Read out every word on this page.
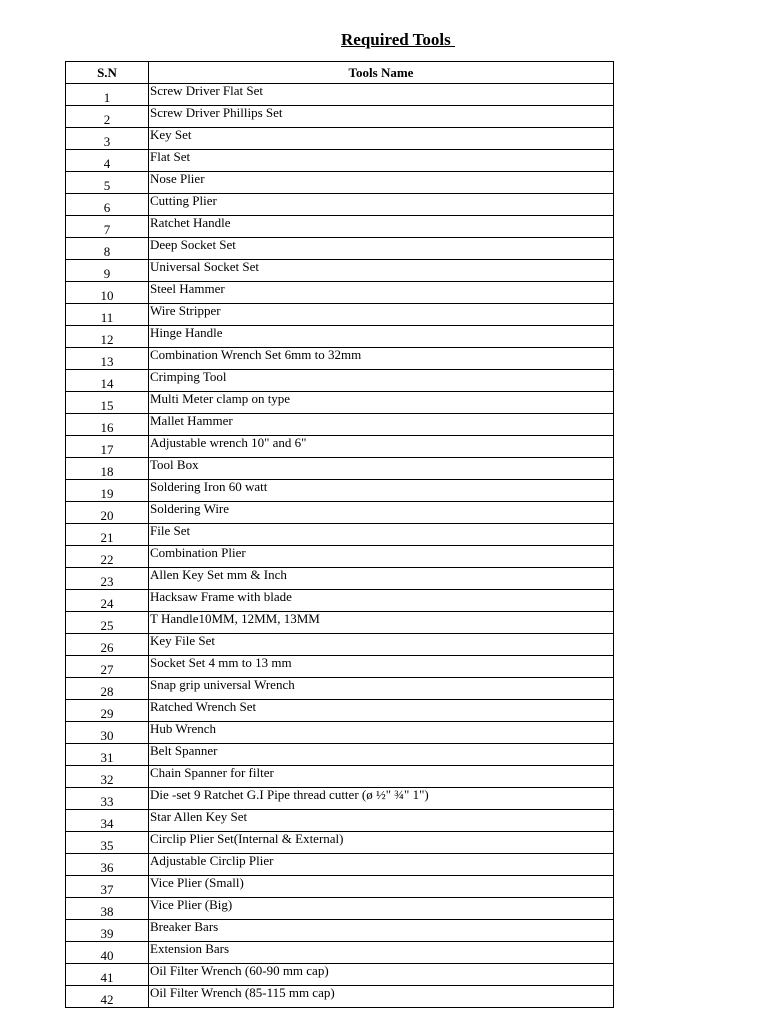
Required Tools
S.N	Tools Name
1	Screw Driver Flat Set
2	Screw Driver Phillips Set
3	Key Set
4	Flat Set
5	Nose Plier
6	Cutting Plier
7	Ratchet Handle
8	Deep Socket Set
9	Universal Socket Set
10	Steel Hammer
11	Wire Stripper
12	Hinge Handle
13	Combination Wrench Set 6mm to 32mm
14	Crimping Tool
15	Multi Meter clamp on type
16	Mallet Hammer
17	Adjustable wrench 10" and 6"
18	Tool Box
19	Soldering Iron 60 watt
20	Soldering Wire
21	File Set
22	Combination Plier
23	Allen Key Set mm & Inch
24	Hacksaw Frame with blade
25	T Handle10MM, 12MM, 13MM
26	Key File Set
27	Socket Set 4 mm to 13 mm
28	Snap grip universal Wrench
29	Ratched Wrench Set
30	Hub Wrench
31	Belt Spanner
32	Chain Spanner for filter
33	Die -set 9 Ratchet G.I Pipe thread cutter (ø ½" ¾" 1")
34	Star Allen Key Set
35	Circlip Plier Set(Internal & External)
36	Adjustable Circlip Plier
37	Vice Plier (Small)
38	Vice Plier (Big)
39	Breaker Bars
40	Extension Bars
41	Oil Filter Wrench (60-90 mm cap)
42	Oil Filter Wrench (85-115 mm cap)
